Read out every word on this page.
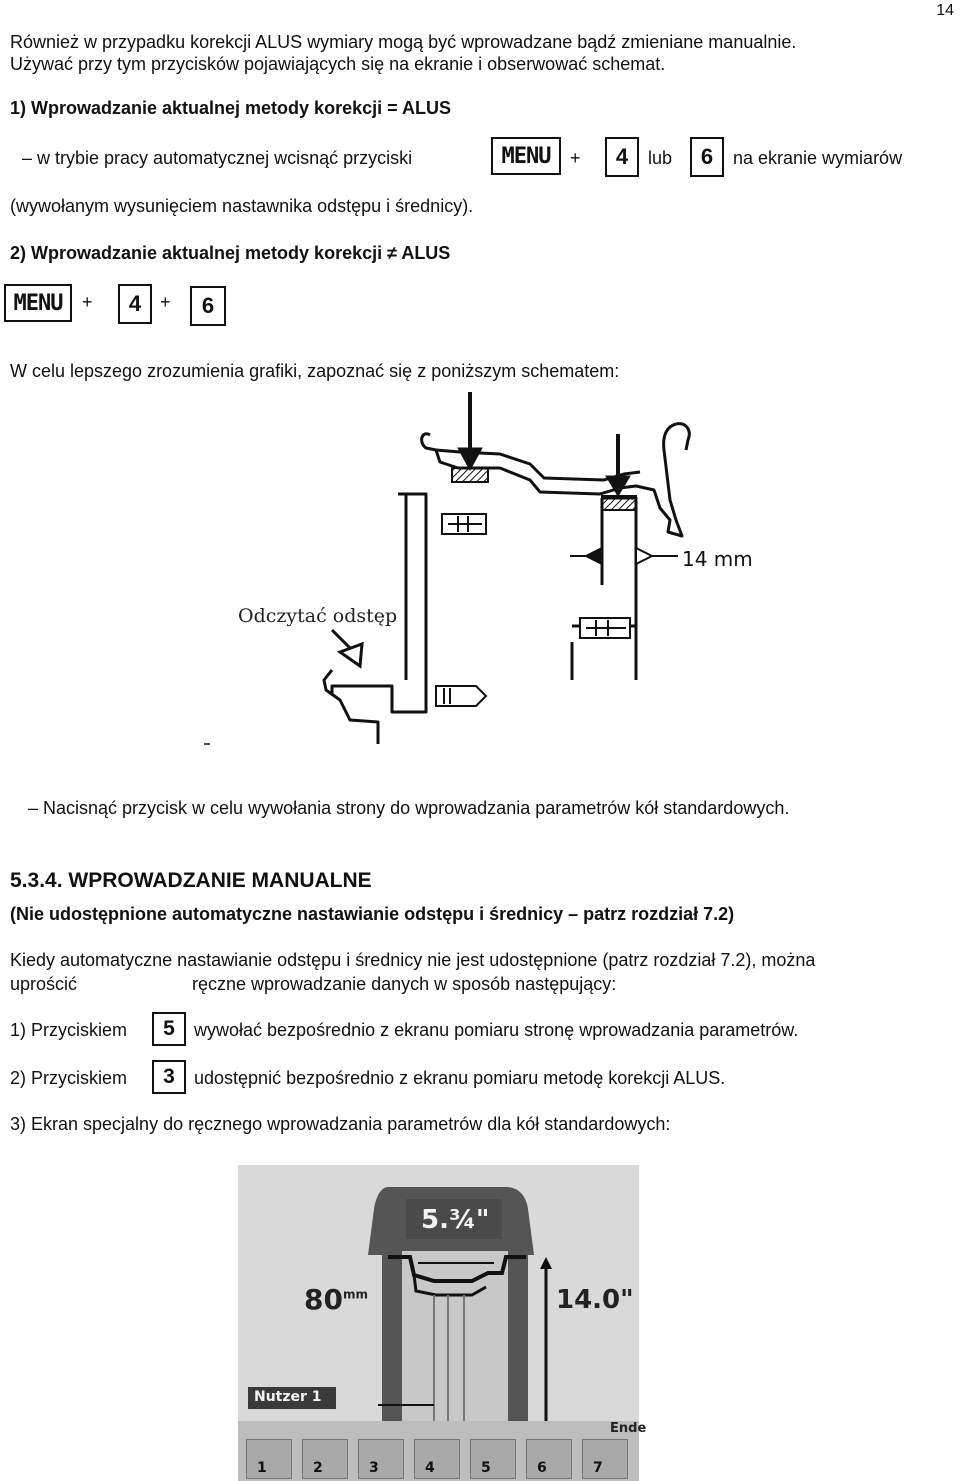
14
Również w przypadku korekcji ALUS wymiary mogą być wprowadzane bądź zmieniane manualnie.
Używać przy tym przycisków pojawiających się na ekranie i obserwować schemat.
1) Wprowadzanie aktualnej metody korekcji = ALUS
– w trybie pracy automatycznej wcisnąć przyciski	MENU	+	4	lub	6	na ekranie wymiarów
(wywołanym wysunięciem nastawnika odstępu i średnicy).
2) Wprowadzanie aktualnej metody korekcji ≠ ALUS
MENU	+	4	+	6
W celu lepszego zrozumienia grafiki, zapoznać się z poniższym schematem:
14 mm
Odczytać odstęp
– Nacisnąć przycisk w celu wywołania strony do wprowadzania parametrów kół standardowych.
5.3.4. WPROWADZANIE MANUALNE
(Nie udostępnione automatyczne nastawianie odstępu i średnicy – patrz rozdział 7.2)
Kiedy automatyczne nastawianie odstępu i średnicy nie jest udostępnione (patrz rozdział 7.2), można
uprościć	ręczne wprowadzanie danych w sposób następujący:
1) Przyciskiem	5	wywołać bezpośrednio z ekranu pomiaru stronę wprowadzania parametrów.
2) Przyciskiem	3	udostępnić bezpośrednio z ekranu pomiaru metodę korekcji ALUS.
3) Ekran specjalny do ręcznego wprowadzania parametrów dla kół standardowych:
5.¾"
$80^{mm}$	14.0"
Nutzer 1
Ende
1	2	3	4	5	6	7
